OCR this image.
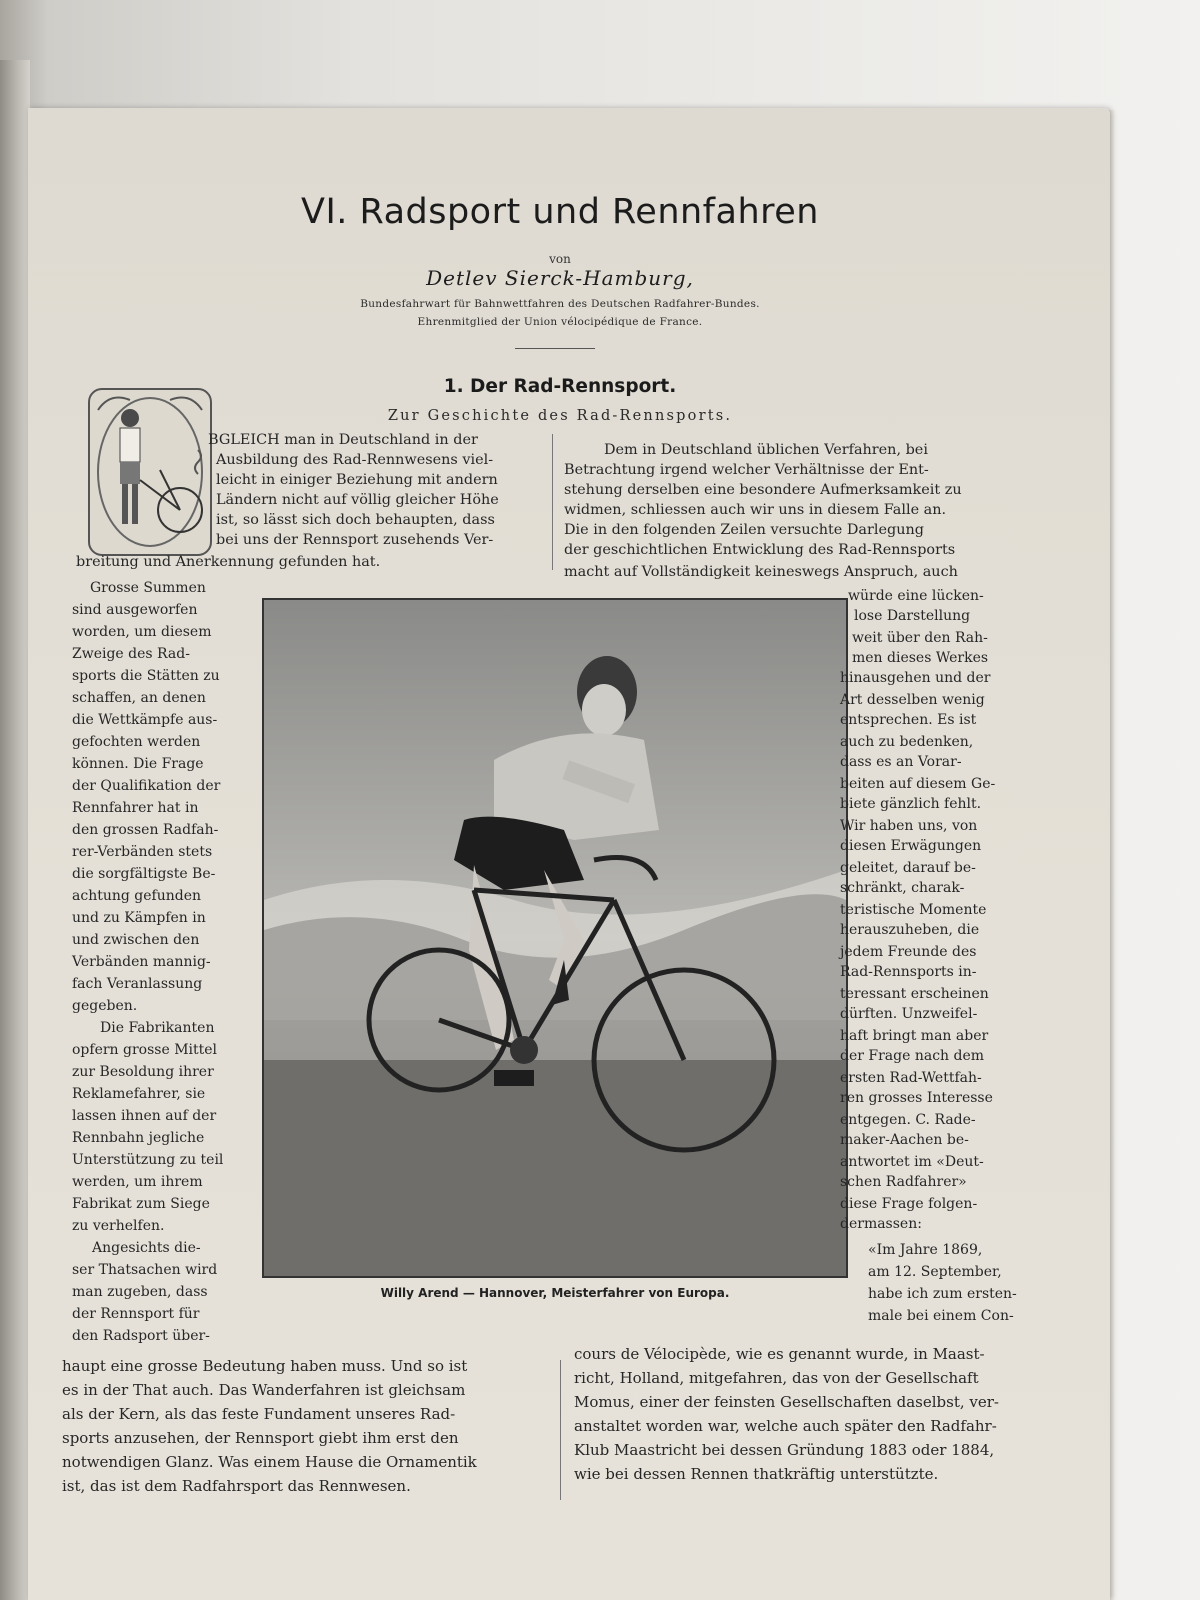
VI. Radsport und Rennfahren
von
Detlev Sierck-Hamburg,
Bundesfahrwart für Bahnwettfahren des Deutschen Radfahrer-Bundes.
Ehrenmitglied der Union vélocipédique de France.
1. Der Rad-Rennsport.
Zur Geschichte des Rad-Rennsports.
BGLEICH man in Deutschland in der
Ausbildung des Rad-Rennwesens viel-
leicht in einiger Beziehung mit andern
Ländern nicht auf völlig gleicher Höhe
ist, so lässt sich doch behaupten, dass
bei uns der Rennsport zusehends Ver-
breitung und Anerkennung gefunden hat.
Dem in Deutschland üblichen Verfahren, bei
Betrachtung irgend welcher Verhältnisse der Ent-
stehung derselben eine besondere Aufmerksamkeit zu
widmen, schliessen auch wir uns in diesem Falle an.
Die in den folgenden Zeilen versuchte Darlegung
der geschichtlichen Entwicklung des Rad-Rennsports
macht auf Vollständigkeit keineswegs Anspruch, auch
Grosse Summen
sind ausgeworfen
worden, um diesem
Zweige des Rad-
sports die Stätten zu
schaffen, an denen
die Wettkämpfe aus-
gefochten werden
können. Die Frage
der Qualifikation der
Rennfahrer hat in
den grossen Radfah-
rer-Verbänden stets
die sorgfältigste Be-
achtung gefunden
und zu Kämpfen in
und zwischen den
Verbänden mannig-
fach Veranlassung
gegeben.
Die Fabrikanten
opfern grosse Mittel
zur Besoldung ihrer
Reklamefahrer, sie
lassen ihnen auf der
Rennbahn jegliche
Unterstützung zu teil
werden, um ihrem
Fabrikat zum Siege
zu verhelfen.
Angesichts die-
ser Thatsachen wird
man zugeben, dass
der Rennsport für
den Radsport über-
Willy Arend — Hannover, Meisterfahrer von Europa.
würde eine lücken-
lose Darstellung
weit über den Rah-
men dieses Werkes
hinausgehen und der
Art desselben wenig
entsprechen. Es ist
auch zu bedenken,
dass es an Vorar-
beiten auf diesem Ge-
biete gänzlich fehlt.
Wir haben uns, von
diesen Erwägungen
geleitet, darauf be-
schränkt, charak-
teristische Momente
herauszuheben, die
jedem Freunde des
Rad-Rennsports in-
teressant erscheinen
dürften. Unzweifel-
haft bringt man aber
der Frage nach dem
ersten Rad-Wettfah-
ren grosses Interesse
entgegen. C. Rade-
maker-Aachen be-
antwortet im «Deut-
schen Radfahrer»
diese Frage folgen-
dermassen:
«Im Jahre 1869,
am 12. September,
habe ich zum ersten-
male bei einem Con-
haupt eine grosse Bedeutung haben muss. Und so ist
es in der That auch. Das Wanderfahren ist gleichsam
als der Kern, als das feste Fundament unseres Rad-
sports anzusehen, der Rennsport giebt ihm erst den
notwendigen Glanz. Was einem Hause die Ornamentik
ist, das ist dem Radfahrsport das Rennwesen.
cours de Vélocipède, wie es genannt wurde, in Maast-
richt, Holland, mitgefahren, das von der Gesellschaft
Momus, einer der feinsten Gesellschaften daselbst, ver-
anstaltet worden war, welche auch später den Radfahr-
Klub Maastricht bei dessen Gründung 1883 oder 1884,
wie bei dessen Rennen thatkräftig unterstützte.
